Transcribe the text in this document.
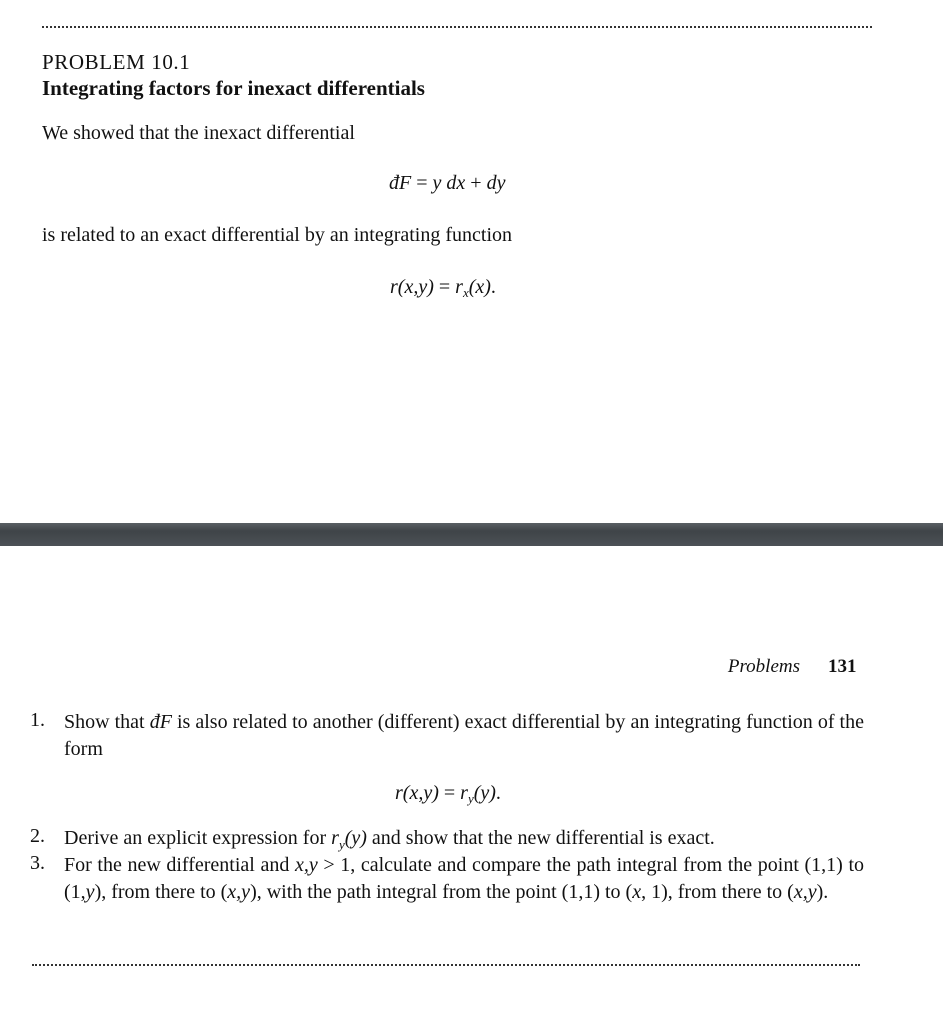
PROBLEM 10.1
Integrating factors for inexact differentials
We showed that the inexact differential
đF = y dx + dy
is related to an exact differential by an integrating function
$r(x,y) = r_x(x)$.
Problems 131
1. Show that đF is also related to another (different) exact differential by an integrating function of the form
$r(x,y) = r_y(y)$.
2. Derive an explicit expression for $r_y(y)$ and show that the new differential is exact.
3. For the new differential and x,y > 1, calculate and compare the path integral from the point (1,1) to (1,y), from there to (x,y), with the path integral from the point (1,1) to (x, 1), from there to (x,y).
